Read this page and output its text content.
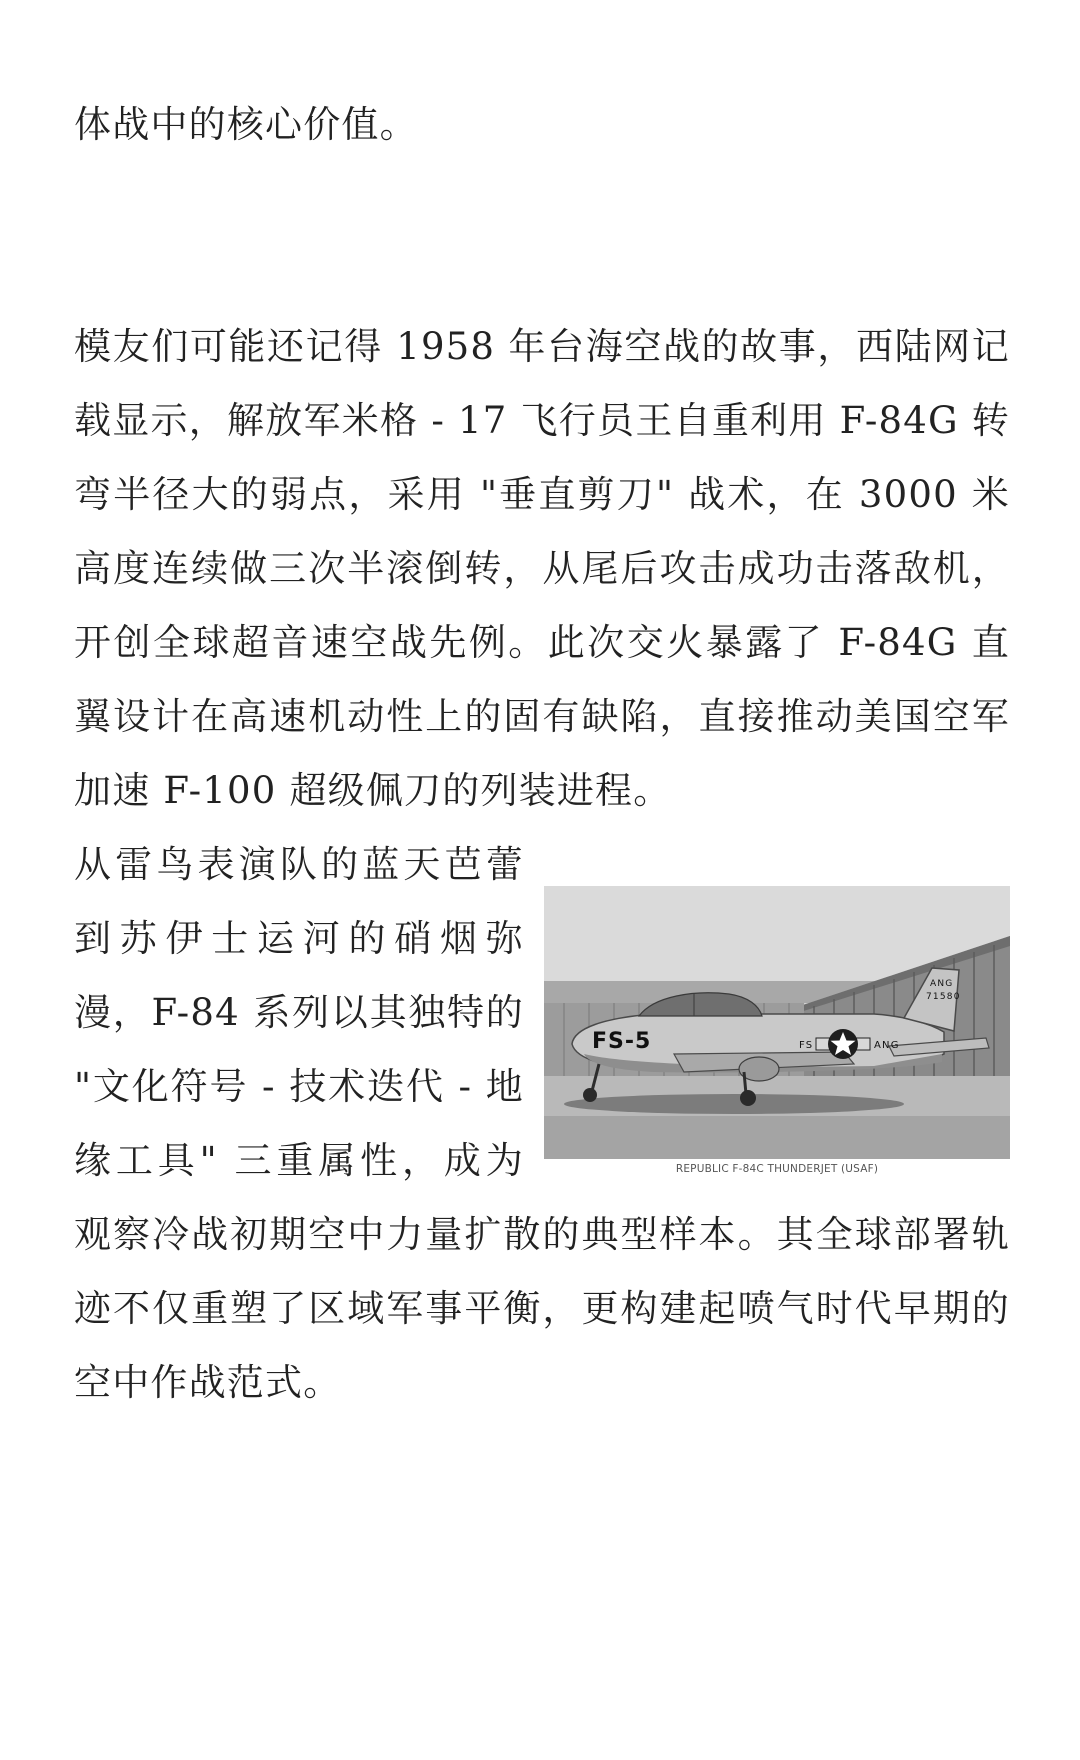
体战中的核心价值。

模友们可能还记得 1958 年台海空战的故事，西陆网记载显示，解放军米格 - 17 飞行员王自重利用 F-84G 转弯半径大的弱点，采用 "垂直剪刀" 战术，在 3000 米高度连续做三次半滚倒转，从尾后攻击成功击落敌机，开创全球超音速空战先例。此次交火暴露了 F-84G 直翼设计在高速机动性上的固有缺陷，直接推动美国空军加速 F-100 超级佩刀的列装进程。

FS-5
ANG
71580
ANG
FS
REPUBLIC F-84C THUNDERJET (USAF)

从雷鸟表演队的蓝天芭蕾到苏伊士运河的硝烟弥漫，F-84 系列以其独特的 "文化符号 - 技术迭代 - 地缘工具" 三重属性，成为观察冷战初期空中力量扩散的典型样本。其全球部署轨迹不仅重塑了区域军事平衡，更构建起喷气时代早期的空中作战范式。
